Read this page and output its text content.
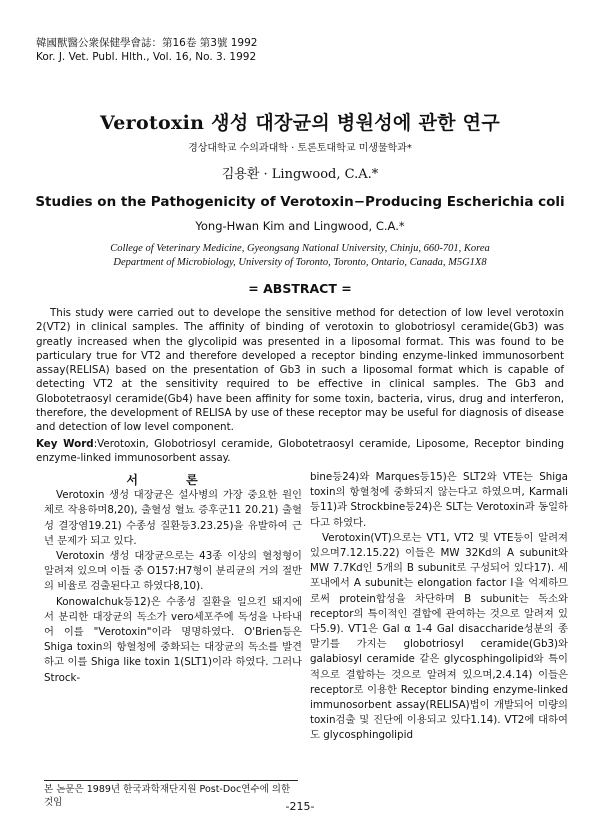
韓國獸醫公衆保健學會誌：第16卷 第3號 1992
Kor. J. Vet. Publ. Hlth., Vol. 16, No. 3. 1992
Verotoxin 생성 대장균의 병원성에 관한 연구
경상대학교 수의과대학 · 토론토대학교 미생물학과*
김용환 · Lingwood, C.A.*
Studies on the Pathogenicity of Verotoxin−Producing Escherichia coli
Yong-Hwan Kim and Lingwood, C.A.*
College of Veterinary Medicine, Gyeongsang National University, Chinju, 660-701, Korea
Department of Microbiology, University of Toronto, Toronto, Ontario, Canada, M5G1X8
= ABSTRACT =

This study were carried out to develope the sensitive method for detection of low level verotoxin 2(VT2) in clinical samples. The affinity of binding of verotoxin to globotriosyl ceramide(Gb3) was greatly increased when the glycolipid was presented in a liposomal format. This was found to be particulary true for VT2 and therefore developed a receptor binding enzyme-linked immunosorbent assay(RELISA) based on the presentation of Gb3 in such a liposomal format which is capable of detecting VT2 at the sensitivity required to be effective in clinical samples. The Gb3 and Globotetraosyl ceramide(Gb4) have been affinity for some toxin, bacteria, virus, drug and interferon, therefore, the development of RELISA by use of these receptor may be useful for diagnosis of disease and detection of low level component.

Key Word:Verotoxin, Globotriosyl ceramide, Globotetraosyl ceramide, Liposome, Receptor binding enzyme-linked immunosorbent assay.

서 론

Verotoxin 생성 대장균은 설사병의 가장 중요한 원인체로 작용하며8,20), 출혈성 혈뇨 증후군11 20.21) 출혈성 결장염19.21) 수종성 질환등3.23.25)을 유발하여 근년 문제가 되고 있다.

Verotoxin 생성 대장균으로는 43종 이상의 혈청형이 알려져 있으며 이들 중 O157:H7형이 분리균의 거의 절반의 비율로 검출된다고 하였다8,10).

Konowalchuk등12)은 수종성 질환을 일으킨 돼지에서 분리한 대장균의 독소가 vero세포주에 독성을 나타내어 이를 "Verotoxin"이라 명명하였다. O'Brien등은 Shiga toxin의 항혈청에 중화되는 대장균의 독소를 발견하고 이를 Shiga like toxin 1(SLT1)이라 하였다. 그러나 Strock-

bine등24)와 Marques등15)은 SLT2와 VTE는 Shiga toxin의 항혈청에 중화되지 않는다고 하였으며, Karmali등11)과 Strockbine등24)은 SLT는 Verotoxin과 동일하다고 하였다.

Verotoxin(VT)으로는 VT1, VT2 및 VTE등이 알려져 있으며7.12.15.22) 이들은 MW 32Kd의 A subunit와 MW 7.7Kd인 5개의 B subunit로 구성되어 있다17). 세포내에서 A subunit는 elongation factor Ⅰ을 억제하므로써 protein합성을 차단하며 B subunit는 독소와 receptor의 특이적인 결합에 관여하는 것으로 알려져 있다5.9). VT1은 Gal α 1-4 Gal disaccharide성분의 종말기를 가지는 globotriosyl ceramide(Gb3)와 galabiosyl ceramide 같은 glycosphingolipid와 특이적으로 결합하는 것으로 알려져 있으며,2.4.14) 이들은 receptor로 이용한 Receptor binding enzyme-linked immunosorbent assay(RELISA)법이 개발되어 미량의 toxin검출 및 진단에 이용되고 있다1.14). VT2에 대하여도 glycosphingolipid

본 논문은 1989년 한국과학재단지원 Post-Doc연수에 의한 것임	-215-
